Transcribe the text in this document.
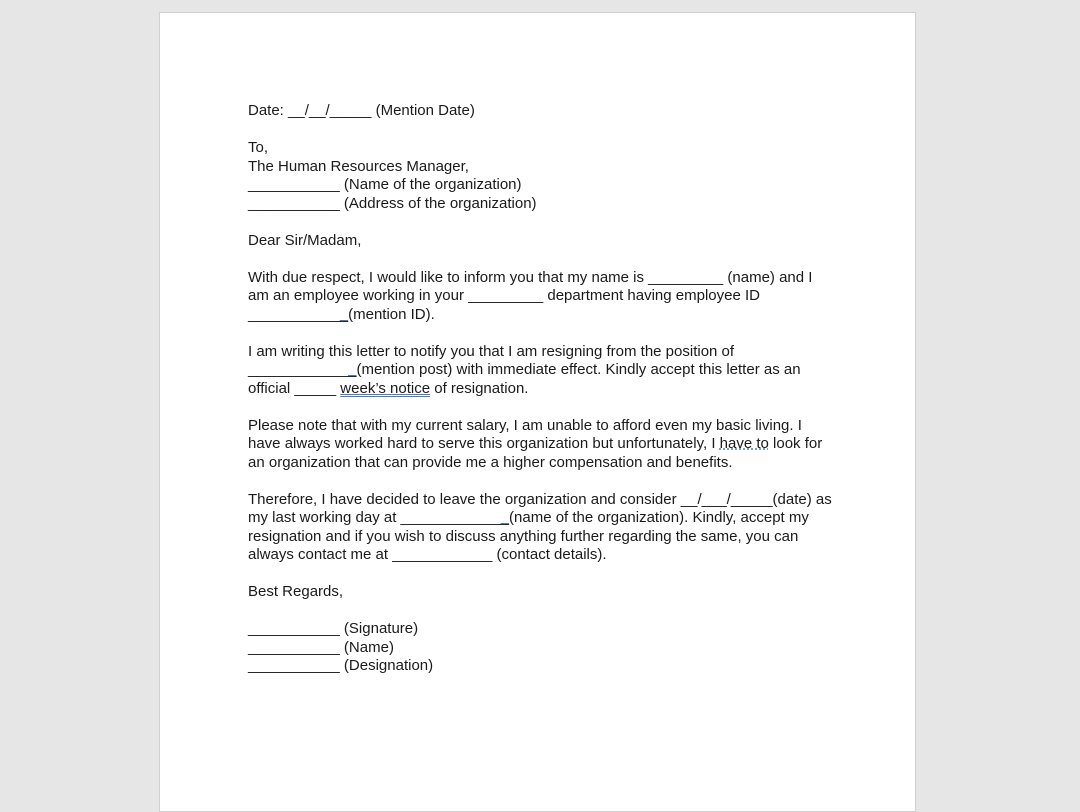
Date: __/__/_____ (Mention Date)
To,
The Human Resources Manager,
___________ (Name of the organization)
___________ (Address of the organization)
Dear Sir/Madam,
With due respect, I would like to inform you that my name is _________ (name) and I
am an employee working in your _________ department having employee ID
____________(mention ID).
I am writing this letter to notify you that I am resigning from the position of
_____________(mention post) with immediate effect. Kindly accept this letter as an
official _____ week’s notice of resignation.
Please note that with my current salary, I am unable to afford even my basic living. I
have always worked hard to serve this organization but unfortunately, I have to look for
an organization that can provide me a higher compensation and benefits.
Therefore, I have decided to leave the organization and consider __/___/_____(date) as
my last working day at _____________(name of the organization). Kindly, accept my
resignation and if you wish to discuss anything further regarding the same, you can
always contact me at ____________ (contact details).
Best Regards,
___________ (Signature)
___________ (Name)
___________ (Designation)
